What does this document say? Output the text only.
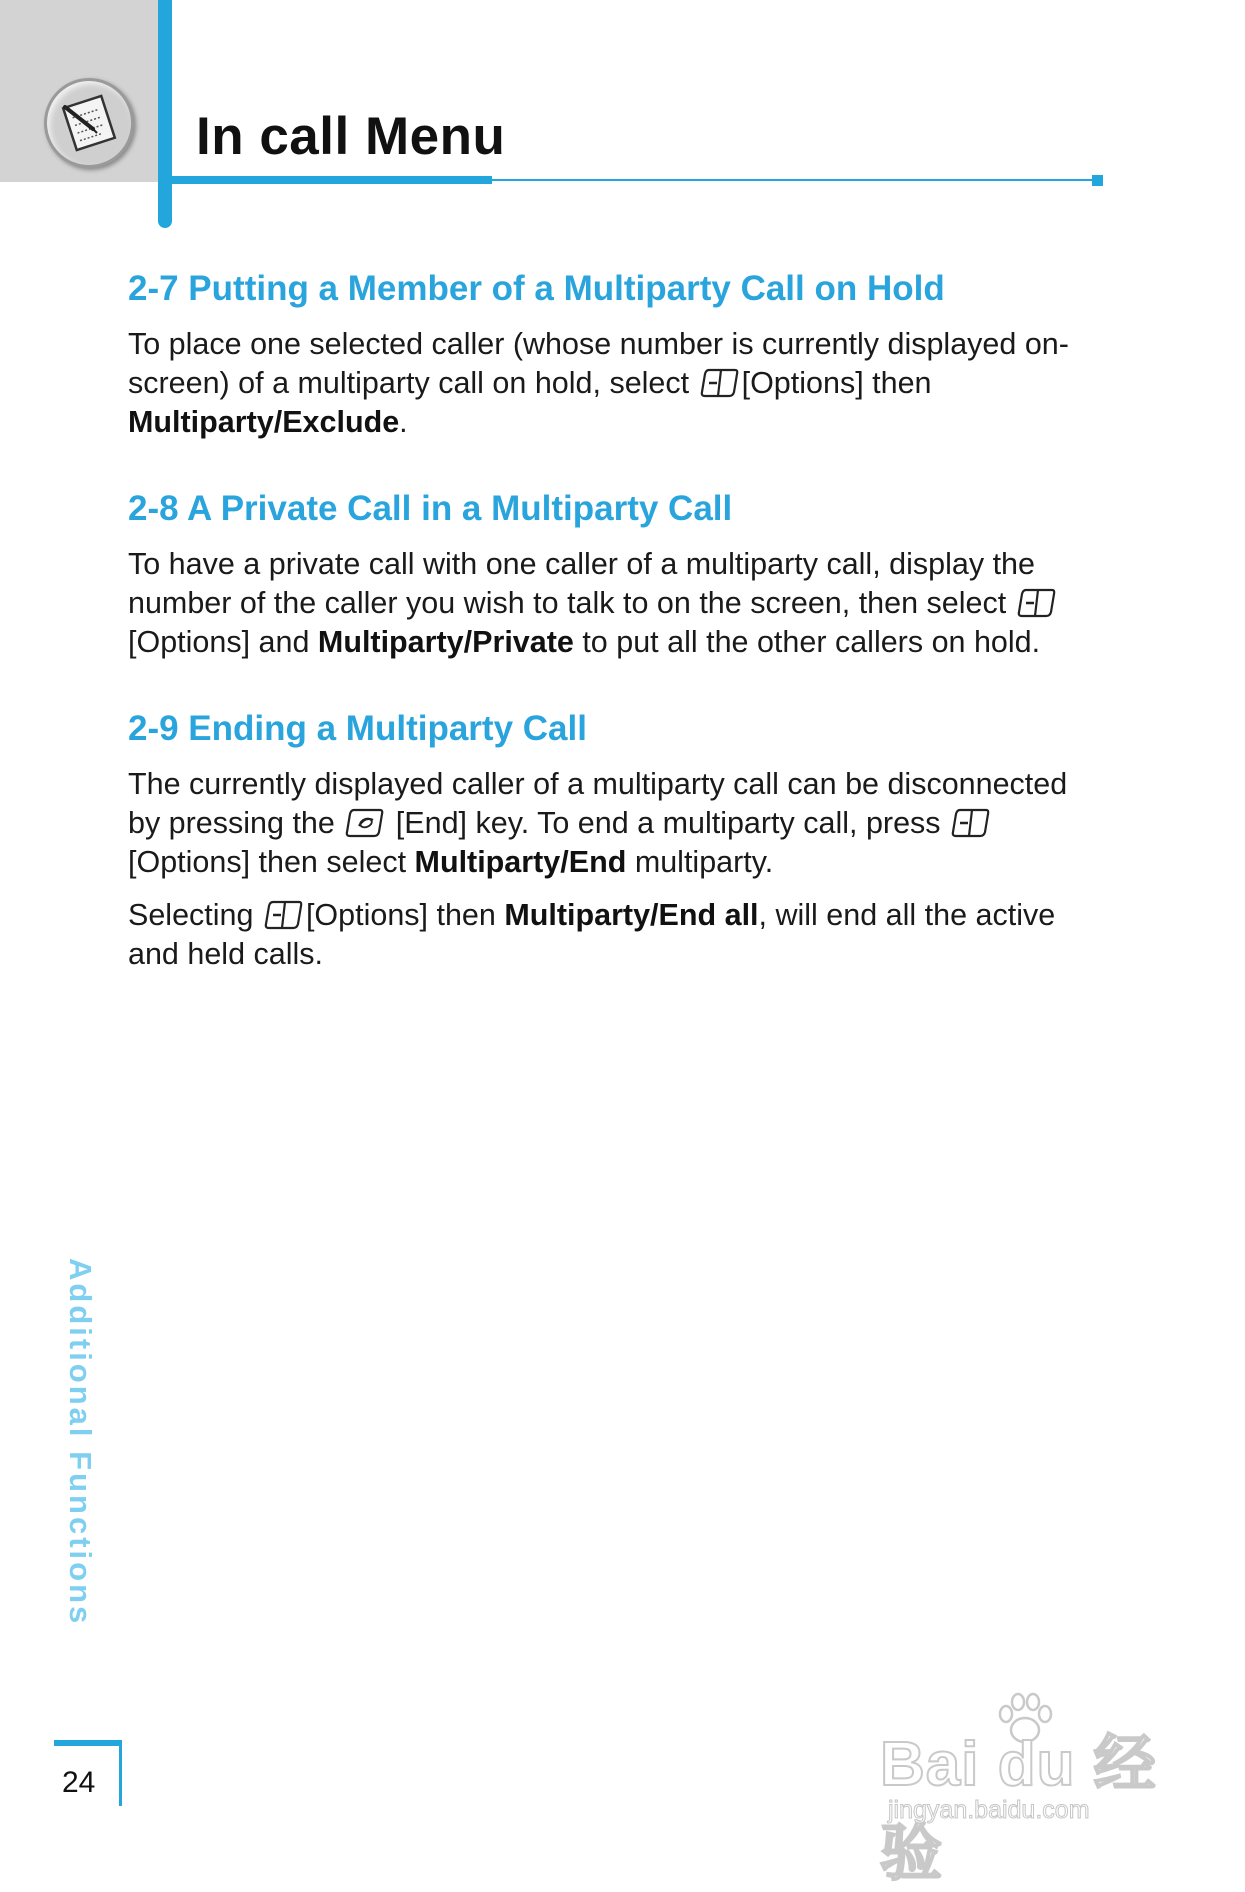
In call Menu
2-7 Putting a Member of a Multiparty Call on Hold

To place one selected caller (whose number is currently displayed on-screen) of a multiparty call on hold, select [Options] then Multiparty/Exclude.

2-8 A Private Call in a Multiparty Call

To have a private call with one caller of a multiparty call, display the number of the caller you wish to talk to on the screen, then select [Options] and Multiparty/Private to put all the other callers on hold.

2-9 Ending a Multiparty Call

The currently displayed caller of a multiparty call can be disconnected by pressing the  [End] key. To end a multiparty call, press [Options] then select Multiparty/End multiparty.

Selecting [Options] then Multiparty/End all, will end all the active and held calls.

Additional Functions
24	Bai du 经验
jingyan.baidu.com
